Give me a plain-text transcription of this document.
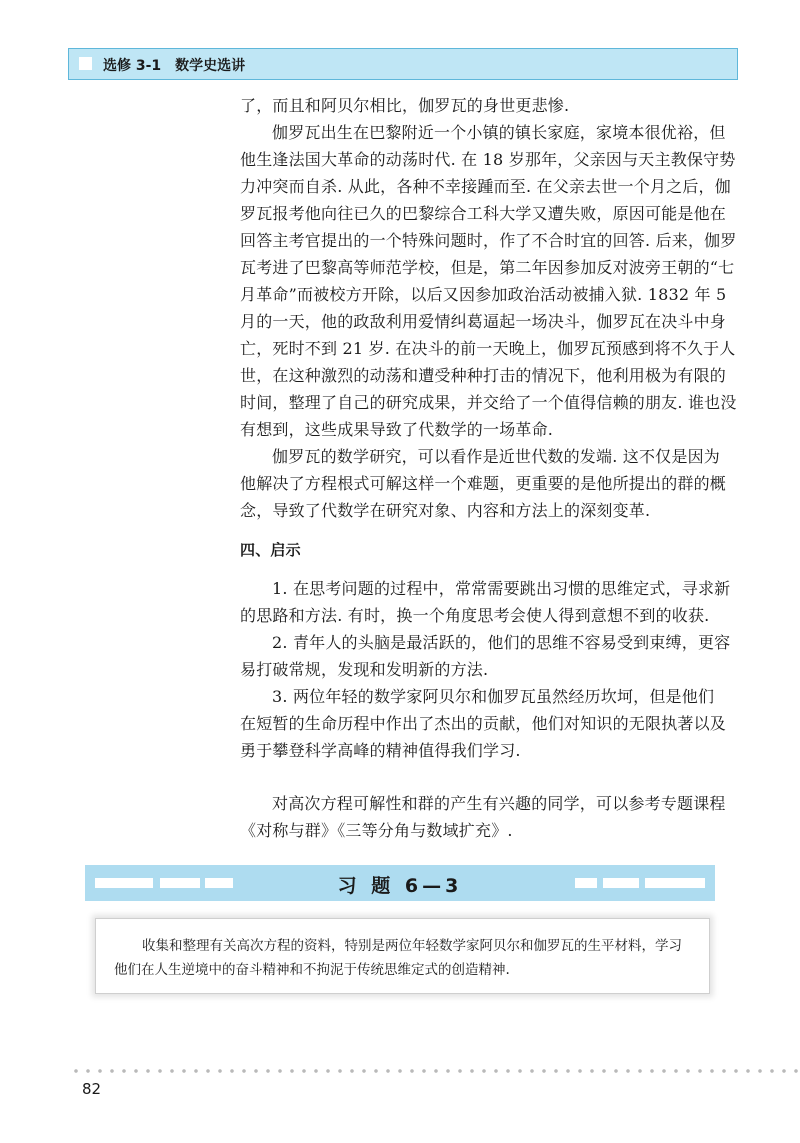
选修 3-1 数学史选讲
了，而且和阿贝尔相比，伽罗瓦的身世更悲惨.
伽罗瓦出生在巴黎附近一个小镇的镇长家庭，家境本很优裕，但
他生逢法国大革命的动荡时代. 在 18 岁那年，父亲因与天主教保守势
力冲突而自杀. 从此，各种不幸接踵而至. 在父亲去世一个月之后，伽
罗瓦报考他向往已久的巴黎综合工科大学又遭失败，原因可能是他在
回答主考官提出的一个特殊问题时，作了不合时宜的回答. 后来，伽罗
瓦考进了巴黎高等师范学校，但是，第二年因参加反对波旁王朝的“七
月革命”而被校方开除，以后又因参加政治活动被捕入狱. 1832 年 5
月的一天，他的政敌利用爱情纠葛逼起一场决斗，伽罗瓦在决斗中身
亡，死时不到 21 岁. 在决斗的前一天晚上，伽罗瓦预感到将不久于人
世，在这种激烈的动荡和遭受种种打击的情况下，他利用极为有限的
时间，整理了自己的研究成果，并交给了一个值得信赖的朋友. 谁也没
有想到，这些成果导致了代数学的一场革命.
伽罗瓦的数学研究，可以看作是近世代数的发端. 这不仅是因为
他解决了方程根式可解这样一个难题，更重要的是他所提出的群的概
念，导致了代数学在研究对象、内容和方法上的深刻变革.
四、启示
1. 在思考问题的过程中，常常需要跳出习惯的思维定式，寻求新
的思路和方法. 有时，换一个角度思考会使人得到意想不到的收获.
2. 青年人的头脑是最活跃的，他们的思维不容易受到束缚，更容
易打破常规，发现和发明新的方法.
3. 两位年轻的数学家阿贝尔和伽罗瓦虽然经历坎坷，但是他们
在短暂的生命历程中作出了杰出的贡献，他们对知识的无限执著以及
勇于攀登科学高峰的精神值得我们学习.
对高次方程可解性和群的产生有兴趣的同学，可以参考专题课程
《对称与群》《三等分角与数域扩充》.
习 题 6—3
收集和整理有关高次方程的资料，特别是两位年轻数学家阿贝尔和伽罗瓦的生平材料，学习
他们在人生逆境中的奋斗精神和不拘泥于传统思维定式的创造精神.
82
